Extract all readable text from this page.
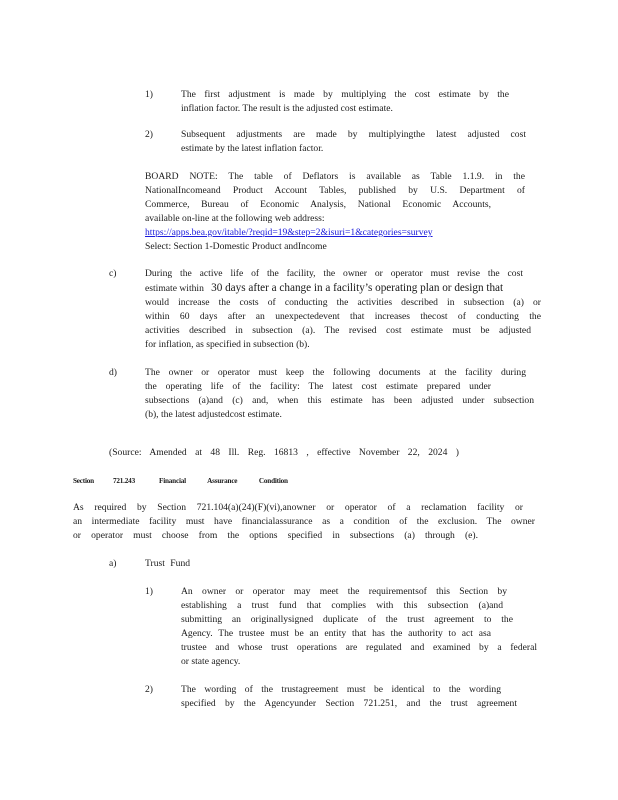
1)	The first adjustment is made by multiplying the cost estimate by the
inflation factor. The result is the adjusted cost estimate.
2)	Subsequent adjustments are made by multiplyingthe latest adjusted cost
estimate by the latest inflation factor.
BOARD NOTE: The table of Deflators is available as Table 1.1.9. in the
NationalIncomeand Product Account Tables, published by U.S. Department of
Commerce, Bureau of Economic Analysis, National Economic Accounts,
available on-line at the following web address:
https://apps.bea.gov/itable/?reqid=19&step=2&isuri=1&categories=survey
Select: Section 1-Domestic Product andIncome
c)	During the active life of the facility, the owner or operator must revise the cost
estimate within 30 days after a change in a facility’s operating plan or design that
would increase the costs of conducting the activities described in subsection (a) or
within 60 days after an unexpectedevent that increases thecost of conducting the
activities described in subsection (a). The revised cost estimate must be adjusted
for inflation, as specified in subsection (b).
d)	The owner or operator must keep the following documents at the facility during
the operating life of the facility: The latest cost estimate prepared under
subsections (a)and (c) and, when this estimate has been adjusted under subsection
(b), the latest adjustedcost estimate.
(Source: Amended at 48 Ill. Reg. 16813 , effective November 22, 2024 )
Section	721.243	Financial Assurance Condition
As required by Section 721.104(a)(24)(F)(vi),anowner or operator of a reclamation facility or
an intermediate facility must have financialassurance as a condition of the exclusion. The owner
or operator must choose from the options specified in subsections (a) through (e).
a)	Trust Fund
1)	An owner or operator may meet the requirementsof this Section by
establishing a trust fund that complies with this subsection (a)and
submitting an originallysigned duplicate of the trust agreement to the
Agency. The trustee must be an entity that has the authority to act asa
trustee and whose trust operations are regulated and examined by a federal
or state agency.
2)	The wording of the trustagreement must be identical to the wording
specified by the Agencyunder Section 721.251, and the trust agreement
